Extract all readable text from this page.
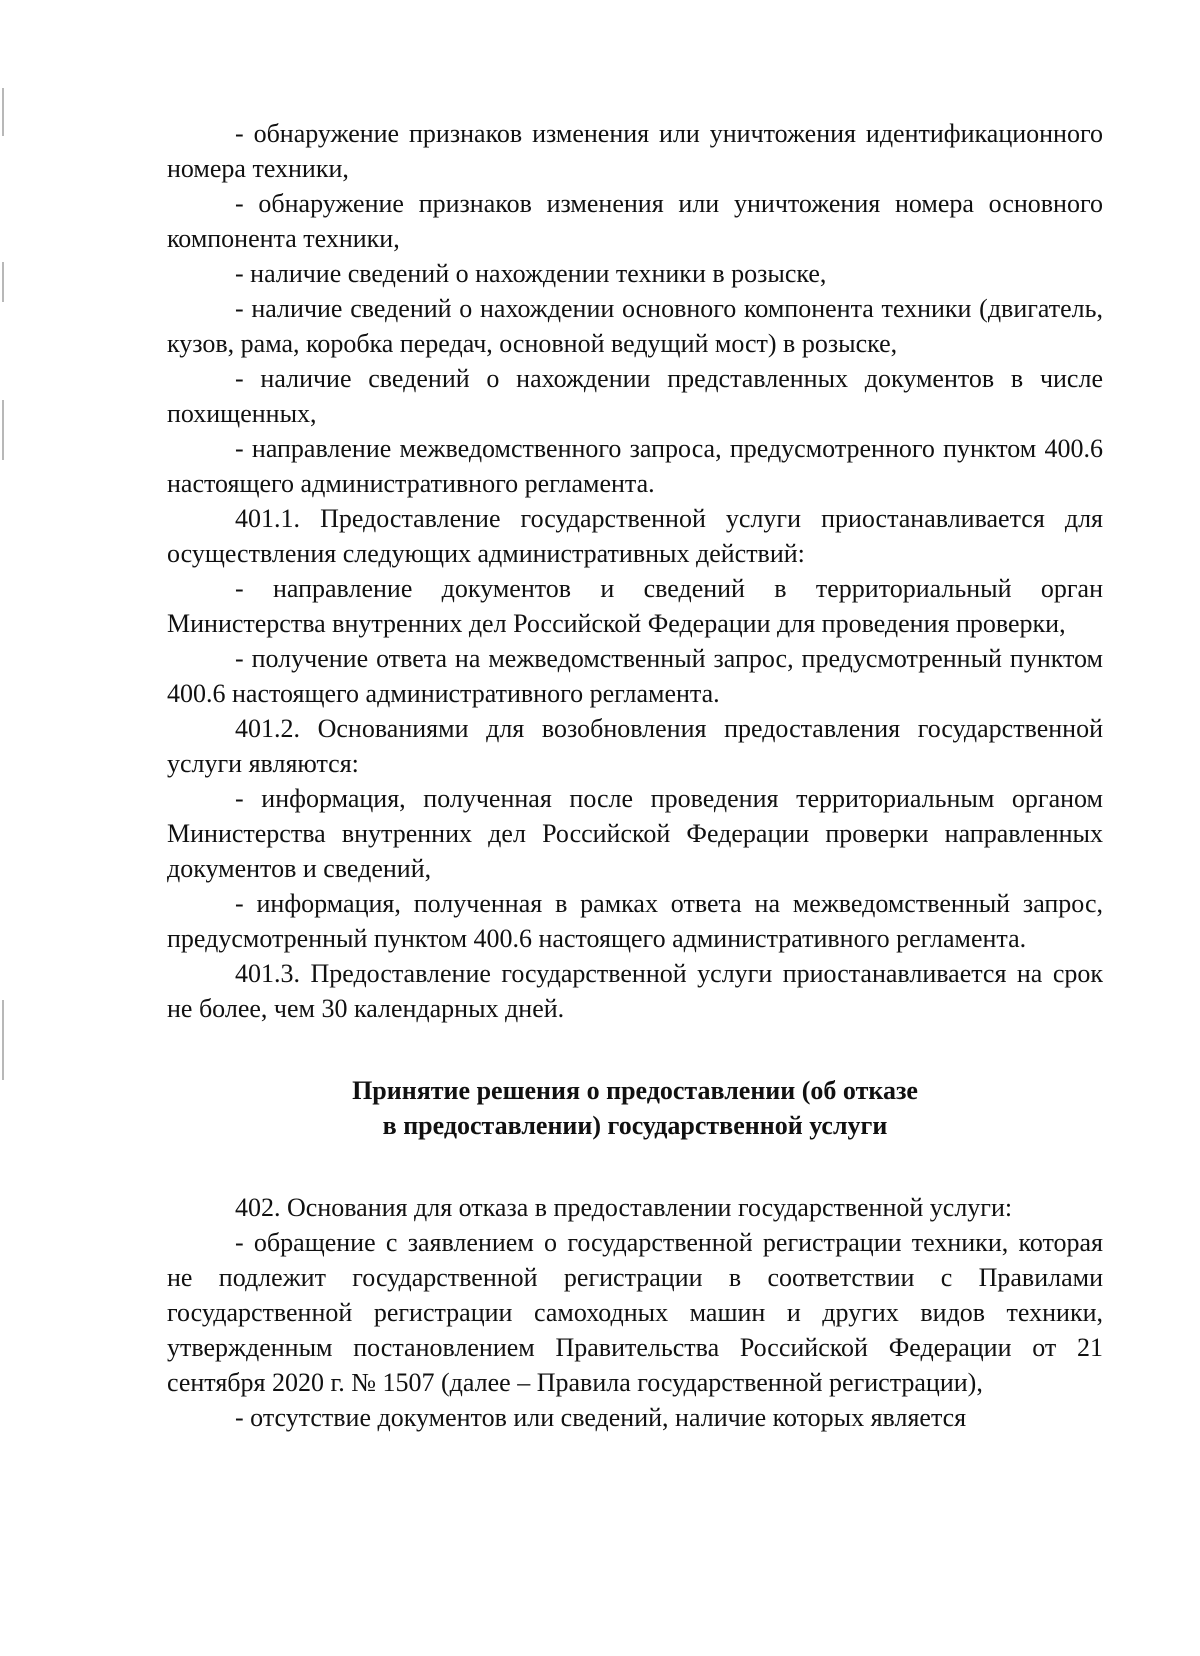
- обнаружение признаков изменения или уничтожения идентификационного номера техники,

- обнаружение признаков изменения или уничтожения номера основного компонента техники,

- наличие сведений о нахождении техники в розыске,

- наличие сведений о нахождении основного компонента техники (двигатель, кузов, рама, коробка передач, основной ведущий мост) в розыске,

- наличие сведений о нахождении представленных документов в числе похищенных,

- направление межведомственного запроса, предусмотренного пунктом 400.6 настоящего административного регламента.

401.1. Предоставление государственной услуги приостанавливается для осуществления следующих административных действий:

- направление документов и сведений в территориальный орган Министерства внутренних дел Российской Федерации для проведения проверки,

- получение ответа на межведомственный запрос, предусмотренный пунктом 400.6 настоящего административного регламента.

401.2. Основаниями для возобновления предоставления государственной услуги являются:

- информация, полученная после проведения территориальным органом Министерства внутренних дел Российской Федерации проверки направленных документов и сведений,

- информация, полученная в рамках ответа на межведомственный запрос, предусмотренный пунктом 400.6 настоящего административного регламента.

401.3. Предоставление государственной услуги приостанавливается на срок не более, чем 30 календарных дней.

Принятие решения о предоставлении (об отказе

в предоставлении) государственной услуги

402. Основания для отказа в предоставлении государственной услуги:

- обращение с заявлением о государственной регистрации техники, которая не подлежит государственной регистрации в соответствии с Правилами государственной регистрации самоходных машин и других видов техники, утвержденным постановлением Правительства Российской Федерации от 21 сентября 2020 г. № 1507 (далее – Правила государственной регистрации),

- отсутствие документов или сведений, наличие которых является
